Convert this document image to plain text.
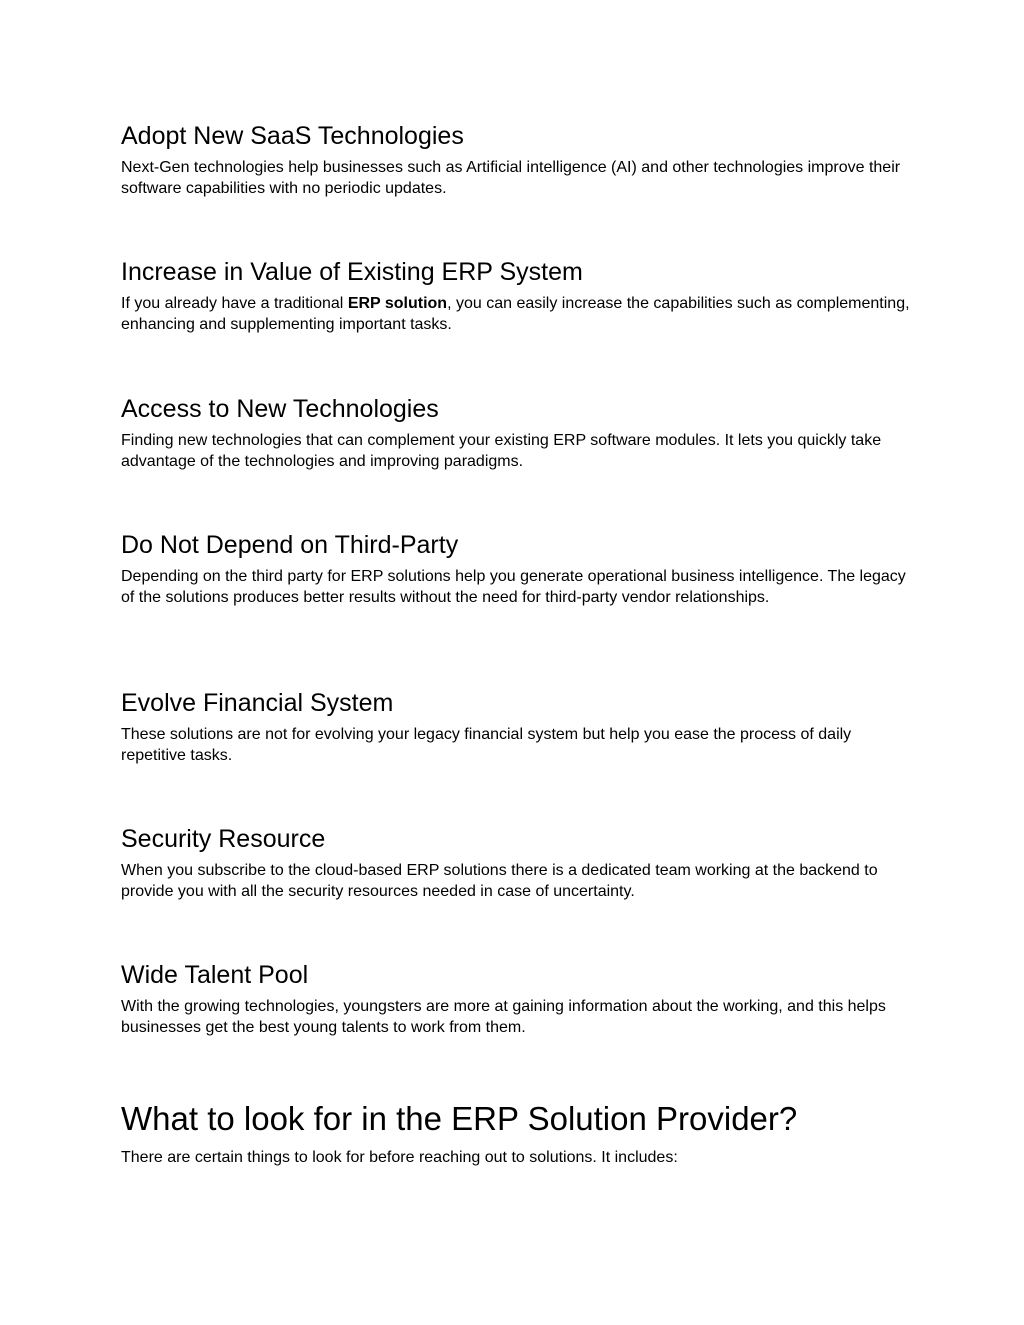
Adopt New SaaS Technologies

Next-Gen technologies help businesses such as Artificial intelligence (AI) and other technologies improve their software capabilities with no periodic updates.

Increase in Value of Existing ERP System

If you already have a traditional ERP solution, you can easily increase the capabilities such as complementing, enhancing and supplementing important tasks.

Access to New Technologies

Finding new technologies that can complement your existing ERP software modules. It lets you quickly take advantage of the technologies and improving paradigms.

Do Not Depend on Third-Party

Depending on the third party for ERP solutions help you generate operational business intelligence. The legacy of the solutions produces better results without the need for third-party vendor relationships.

Evolve Financial System

These solutions are not for evolving your legacy financial system but help you ease the process of daily repetitive tasks.

Security Resource

When you subscribe to the cloud-based ERP solutions there is a dedicated team working at the backend to provide you with all the security resources needed in case of uncertainty.

Wide Talent Pool

With the growing technologies, youngsters are more at gaining information about the working, and this helps businesses get the best young talents to work from them.

What to look for in the ERP Solution Provider?

There are certain things to look for before reaching out to solutions. It includes:
